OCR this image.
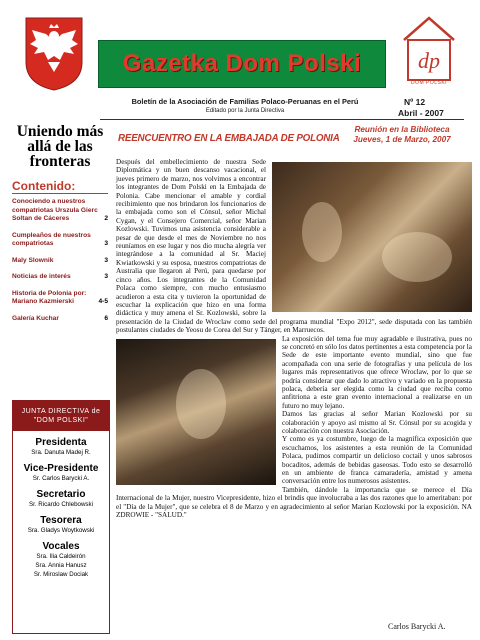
Gazetka Dom Polski	dp
DOM POLSKI
Boletín de la Asociación de Familias Polaco-Peruanas en el Perú
Editado por la Junta Directiva
Nº 12
Abril - 2007
Uniendo más allá de las fronteras
Contenido:
Conociendo a nuestros compatriotas Urszula Gierc Soltan de Cáceres	2
Cumpleaños de nuestros compatriotas	3
Maly Slownik	3
Noticias de interés	3
Historia de Polonia por: Mariano Kazmierski	4-5
Galería Kuchar	6
JUNTA DIRECTIVA de "DOM POLSKI"
Presidenta
Sra. Danuta Madej R.
Vice-Presidente
Sr. Carlos Barycki A.
Secretario
Sr. Ricardo Chlebowski
Tesorera
Sra. Gladys Woytkowski
Vocales
Sra. Ilia Caldeirón
Sra. Annia Hanusz
Sr. Miroslaw Dociak
REENCUENTRO EN LA EMBAJADA DE POLONIA
Reunión en la Biblioteca
Jueves, 1 de Marzo, 2007

Después del embellecimiento de nuestra Sede Diplomática y un buen descanso vacacional, el jueves primero de marzo, nos volvimos a encontrar los integrantes de Dom Polski en la Embajada de Polonia. Cabe mencionar el amable y cordial recibimiento que nos brindaron los funcionarios de la embajada como son el Cónsul, señor Michal Cygan, y el Consejero Comercial, señor Marian Kozlowski. Tuvimos una asistencia considerable a pesar de que desde el mes de Noviembre no nos reuníamos en ese lugar y nos dio mucha alegría ver integrándose a la comunidad al Sr. Maciej Kwiatkowski y su esposa, nuestros compatriotas de Australia que llegaron al Perú, para quedarse por cinco años. Los integrantes de la Comunidad Polaca como siempre, con mucho entusiasmo acudieron a esta cita y tuvieron la oportunidad de escuchar la explicación que hizo en una forma didáctica y muy amena el Sr. Kozlowski, sobre la presentación de la Ciudad de Wroclaw como sede del programa mundial "Expo 2012", sede disputada con las también postulantes ciudades de Yeosu de Corea del Sur y Tánger, en Marruecos.

La exposición del tema fue muy agradable e ilustrativa, pues no se concretó en sólo los datos pertinentes a esta competencia por la Sede de este importante evento mundial, sino que fue acompañada con una serie de fotografías y una película de los lugares más representativos que ofrece Wroclaw, por lo que se podría considerar que dado lo atractivo y variado en la propuesta polaca, debería ser elegida como la ciudad que reciba como anfitriona a este gran evento internacional a realizarse en un futuro no muy lejano.

Damos las gracias al señor Marian Kozlowski por su colaboración y apoyo así mismo al Sr. Cónsul por su acogida y colaboración con nuestra Asociación.

Y como es ya costumbre, luego de la magnífica exposición que escuchamos, los asistentes a esta reunión de la Comunidad Polaca, pudimos compartir un delicioso coctail y unos sabrosos bocaditos, además de bebidas gaseosas. Todo esto se desarrolló en un ambiente de franca camaradería, amistad y amena conversación entre los numerosos asistentes.

También, dándole la importancia que se merece el Día Internacional de la Mujer, nuestro Vicepresidente, hizo el brindis que involucraba a las dos razones que lo ameritaban: por el "Día de la Mujer", que se celebra el 8 de Marzo y en agradecimiento al señor Marian Kozlowski por la exposición. NA ZDROWIE - "SALUD."

Carlos Barycki A.
